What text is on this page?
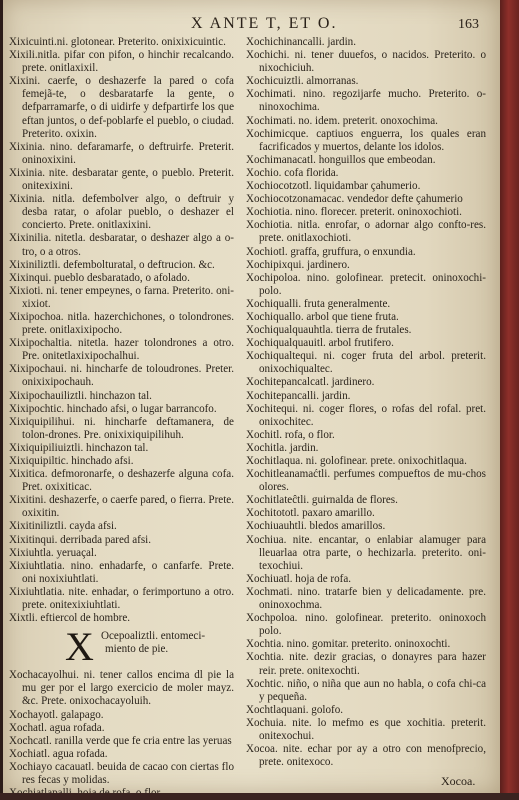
X ANTE T, ET O.	163
Xixicuinti.ni. glotonear. Preterito. onixixicuintic.
Xixili.nitla. pifar con pifon, o hinchir recalcando. prete. onitlaxixil.
Xixini. caerfe, o deshazerfe la pared o cofa femejã-te, o desbaratarfe la gente, o defparramarfe, o di uidirfe y defpartirfe los que eftan juntos, o def-poblarfe el pueblo, o ciudad. Preterito. oxixin.
Xixinia. nino. defaramarfe, o deftruirfe. Preterit. oninoxixini.
Xixinia. nite. desbaratar gente, o pueblo. Preterit. onitexixini.
Xixinia. nitla. defembolver algo, o deftruir y desba ratar, o afolar pueblo, o deshazer el concierto. Prete. onitlaxixini.
Xixinilia. nitetla. desbaratar, o deshazer algo a o-tro, o a otros.
Xixiniliztli. defembolturatal, o deftrucion. &c.
Xixinqui. pueblo desbaratado, o afolado.
Xixioti. ni. tener empeynes, o farna. Preterito. oni-xixiot.
Xixipochoa. nitla. hazerchichones, o tolondrones. prete. onitlaxixipocho.
Xixipochaltia. nitetla. hazer tolondrones a otro. Pre. onitetlaxixipochalhui.
Xixipochaui. ni. hincharfe de toloudrones. Preter. onixixipochauh.
Xixipochauiliztli. hinchazon tal.
Xixipochtic. hinchado afsi, o lugar barrancofo.
Xixiquipilihui. ni. hincharfe deftamanera, de tolon-drones. Pre. onixixiquipilihuh.
Xixiquipiliuiztli. hinchazon tal.
Xixiquipiltic. hinchado afsi.
Xixitica. defmoronarfe, o deshazerfe alguna cofa. Pret. oxixiticac.
Xixitini. deshazerfe, o caerfe pared, o fierra. Prete. oxixitin.
Xixitiniliztli. cayda afsi.
Xixitinqui. derribada pared afsi.
Xixiuhtla. yeruaçal.
Xixiuhtlatia. nino. enhadarfe, o canfarfe. Prete. oni noxixiuhtlati.
Xixiuhtlatia. nite. enhadar, o ferimportuno a otro. prete. onitexixiuhtlati.
Xixtli. eftiercol de hombre.
X Ocepoaliztli. entomeci-
miento de pie.
Xochacayolhui. ni. tener callos encima dl pie la mu ger por el largo exercicio de moler mayz. &c. Prete. onixochacayoluih.
Xochayotl. galapago.
Xochatl. agua rofada.
Xochcatl. ranilla verde que fe cria entre las yeruas
Xochiatl. agua rofada.
Xochiayo cacauatl. beuida de cacao con ciertas flo res fecas y molidas.
Xochichinancalli. jardin.
Xochichi. ni. tener duuefos, o nacidos. Preterito. o nixochiciuh.
Xochicuiztli. almorranas.
Xochimati. nino. regozijarfe mucho. Preterito. o-ninoxochima.
Xochimati. no. idem. preterit. onoxochima.
Xochimicque. captiuos enguerra, los quales eran facrificados y muertos, delante los idolos.
Xochimanacatl. honguillos que embeodan.
Xochio. cofa florida.
Xochiocotzotl. liquidambar çahumerio.
Xochiocotzonamacac. vendedor defte çahumerio
Xochiotia. nino. florecer. preterit. oninoxochioti.
Xochiotia. nitla. enrofar, o adornar algo confto-res. prete. onitlaxochioti.
Xochiotl. graffa, gruffura, o enxundia.
Xochipixqui. jardinero.
Xochipoloa. nino. golofinear. pretecit. oninoxochi-polo.
Xochiqualli. fruta generalmente.
Xochiquallo. arbol que tiene fruta.
Xochiqualquauhtla. tierra de frutales.
Xochiqualquauitl. arbol frutifero.
Xochiqualtequi. ni. coger fruta del arbol. preterit. onixochiqualtec.
Xochitepancalcatl. jardinero.
Xochitepancalli. jardin.
Xochitequi. ni. coger flores, o rofas del rofal. pret. onixochitec.
Xochitl. rofa, o flor.
Xochitla. jardin.
Xochitlaqua. ni. golofinear. prete. onixochitlaqua.
Xochitleanamaćtli. perfumes compueftos de mu-chos olores.
Xochitlateĉtli. guirnalda de flores.
Xochitototl. paxaro amarillo.
Xochiuauhtli. bledos amarillos.
Xochiua. nite. encantar, o enlabiar alamuger para lleuarlaa otra parte, o hechizarla. preterito. oni-texochiui.
Xochiuatl. hoja de rofa.
Xochmati. nino. tratarfe bien y delicadamente. pre. oninoxochma.
Xochpoloa. nino. golofinear. preterito. oninoxoch polo.
Xochtia. nino. gomitar. preterito. oninoxochti.
Xochtia. nite. dezir gracias, o donayres para hazer reir. prete. onitexochti.
Xochtic. niño, o niña que aun no habla, o cofa chi-ca y pequeña.
Xochtlaquani. golofo.
Xochuia. nite. lo mefmo es que xochitia. preterit. onitexochui.
Xocoa. nite. echar por ay a otro con menofprecio, prete. onitexoco.
Xocoa.
